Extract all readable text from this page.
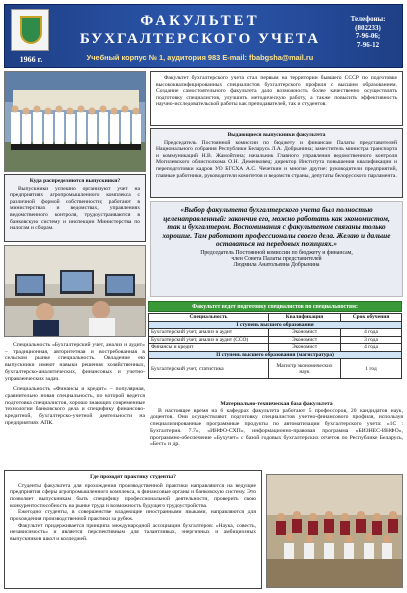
1966 г.
ФАКУЛЬТЕТ
БУХГАЛТЕРСКОГО УЧЕТА
Учебный корпус № 1, аудитория 983 E-mail: fbabgsha@mail.ru
Телефоны:
(802233)
7-96-06;
7-96-12

Факультет бухгалтерского учета стал первым на территории бывшего СССР по подготовке высококвалифицированных специалистов бухгалтерского профиля с высшим образованием. Создание самостоятельного факультета дало возможность более качественно осуществлять подготовку специалистов, улучшить методическую работу, а также повысить эффективность научно-исследовательской работы как преподавателей, так и студентов.

Выдающиеся выпускники факультета

Председатель Постоянной комиссии по бюджету и финансам Палаты представителей Национального собрания Республики Беларусь Л.А. Добрынина; заместитель министра транспорта и коммуникаций Н.В. Жамойтина; начальник Главного управления ведомственного контроля Могилевского облисполкома О.Н. Деменковец; директор Института повышения квалификации и переподготовки кадров УО БГСХА А.С. Чечеткин и многие другие: руководители предприятий, главные работники, руководители комитетов и ведомств страны, депутаты белорусского парламента.

Куда распределяются выпускники?

Выпускники успешно организуют учет на предприятиях агропромышленного комплекса с различной формой собственности; работают в министерствах и ведомствах, управлениях ведомственного контроля, трудоустраиваются в банковскую систему и инспекции Министерства по налогам и сборам.

«Выбор факультета бухгалтерского учета был полностью целенаправленный: закончив его, можно работать как экономистом, так и бухгалтером. Воспоминания с факультетом связаны только хорошие. Там работают профессионалы своего дела. Желаю и дальше оставаться на передовых позициях.»
Председатель Постоянной комиссии по бюджету и финансам,
член Совета Палаты представителей
Людмила Анатольевна Добрынина
Факультет ведет подготовку специалистов по специальностям:
Специальность	Квалификация	Срок обучения
I ступень высшего образования		
Бухгалтерский учет, анализ и аудит	Экономист	4 года
Бухгалтерский учет, анализ и аудит (ССО)	Экономист	3 года
Финансы и кредит	Экономист	4 года
II ступень высшего образования (магистратура)		
Бухгалтерский учет, статистика	Магистр экономических наук	1 год

Специальность «Бухгалтерский учет, анализ и аудит» – традиционная, авторитетная и востребованная в сельском рынке специальность. Овладение ею выпускники имеют навыки решения хозяйственных, бухгалтерско-аналитических, финансовых и учетно-управленческих задач.

Специальность «Финансы и кредит» – популярная, сравнительно новая специальность, по которой ведется подготовка специалистов, хорошо знающих современные технологии банковского дела и специфику финансово-кредитной, бухгалтерско-учетной деятельности на предприятиях АПК.

Материально-техническая база факультета

В настоящее время на 6 кафедрах факультета работают 5 профессоров, 20 кандидатов наук, доцентов. Они осуществляют подготовку специалистов учетно-финансового профиля, используя специализированные программные продукты по автоматизации бухгалтерского учета: «1С : Бухгалтерия. 7.7», «ИНФО-СХП», информационно-правовая программа «БИЗНЕС-ИНФО», программно-обеспечение «Бухучет» с базой годовых бухгалтерских отчетов по Республике Беларусь, «Бест» и др.

Где проходят практику студенты?

Студенты факультета для прохождения производственной практики направляются на ведущие предприятия сферы агропромышленного комплекса, в финансовые органы и банковскую систему. Это позволяет выпускникам быть специфику профессиональной деятельности, проверить свою конкурентоспособность на рынке труда и возможность будущего трудоустройства.

Ежегодно студенты, в совершенстве владеющие иностранными языками, направляются для прохождения производственной практики за рубеж.

Факультет придерживается принципа международной ассоциации бухгалтеров: «Наука, совесть, независимость» и является перспективным для талантливых, энергичных и амбициозных выпускников школ и колледжей.
